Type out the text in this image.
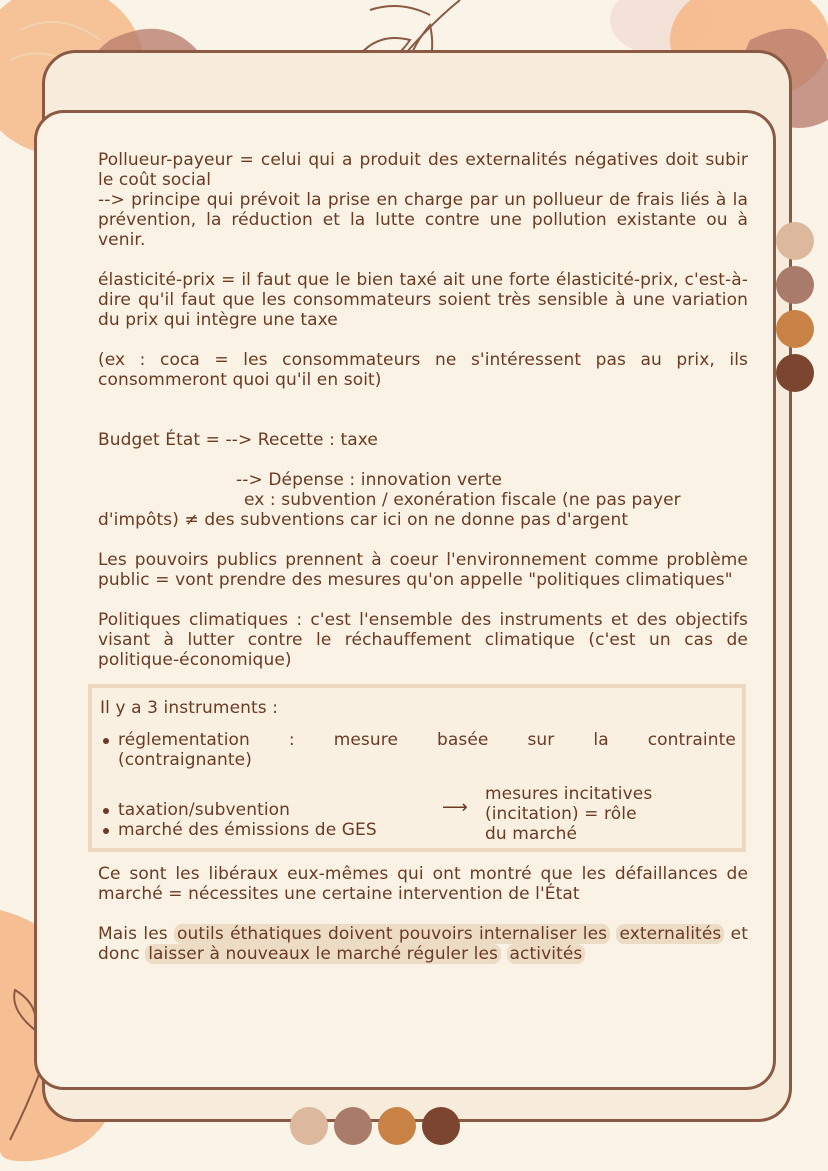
Pollueur-payeur = celui qui a produit des externalités négatives doit subir le coût social

--> principe qui prévoit la prise en charge par un pollueur de frais liés à la prévention, la réduction et la lutte contre une pollution existante ou à venir.

élasticité-prix = il faut que le bien taxé ait une forte élasticité-prix, c'est-à-dire qu'il faut que les consommateurs soient très sensible à une variation du prix qui intègre une taxe

(ex : coca = les consommateurs ne s'intéressent pas au prix, ils consommeront quoi qu'il en soit)

Budget État = --> Recette : taxe

--> Dépense : innovation verte

ex : subvention / exonération fiscale (ne pas payer

d'impôts) ≠ des subventions car ici on ne donne pas d'argent

Les pouvoirs publics prennent à coeur l'environnement comme problème public = vont prendre des mesures qu'on appelle "politiques climatiques"

Politiques climatiques : c'est l'ensemble des instruments et des objectifs visant à lutter contre le réchauffement climatique (c'est un cas de politique-économique)

Il y a 3 instruments :

réglementation : mesure basée sur la contrainte
(contraignante)
taxation/subvention
marché des émissions de GES
⟶
mesures incitatives
(incitation) = rôle
du marché

Ce sont les libéraux eux-mêmes qui ont montré que les défaillances de marché = nécessites une certaine intervention de l'État

Mais les outils éthatiques doivent pouvoirs internaliser les externalités et donc laisser à nouveaux le marché réguler les activités
